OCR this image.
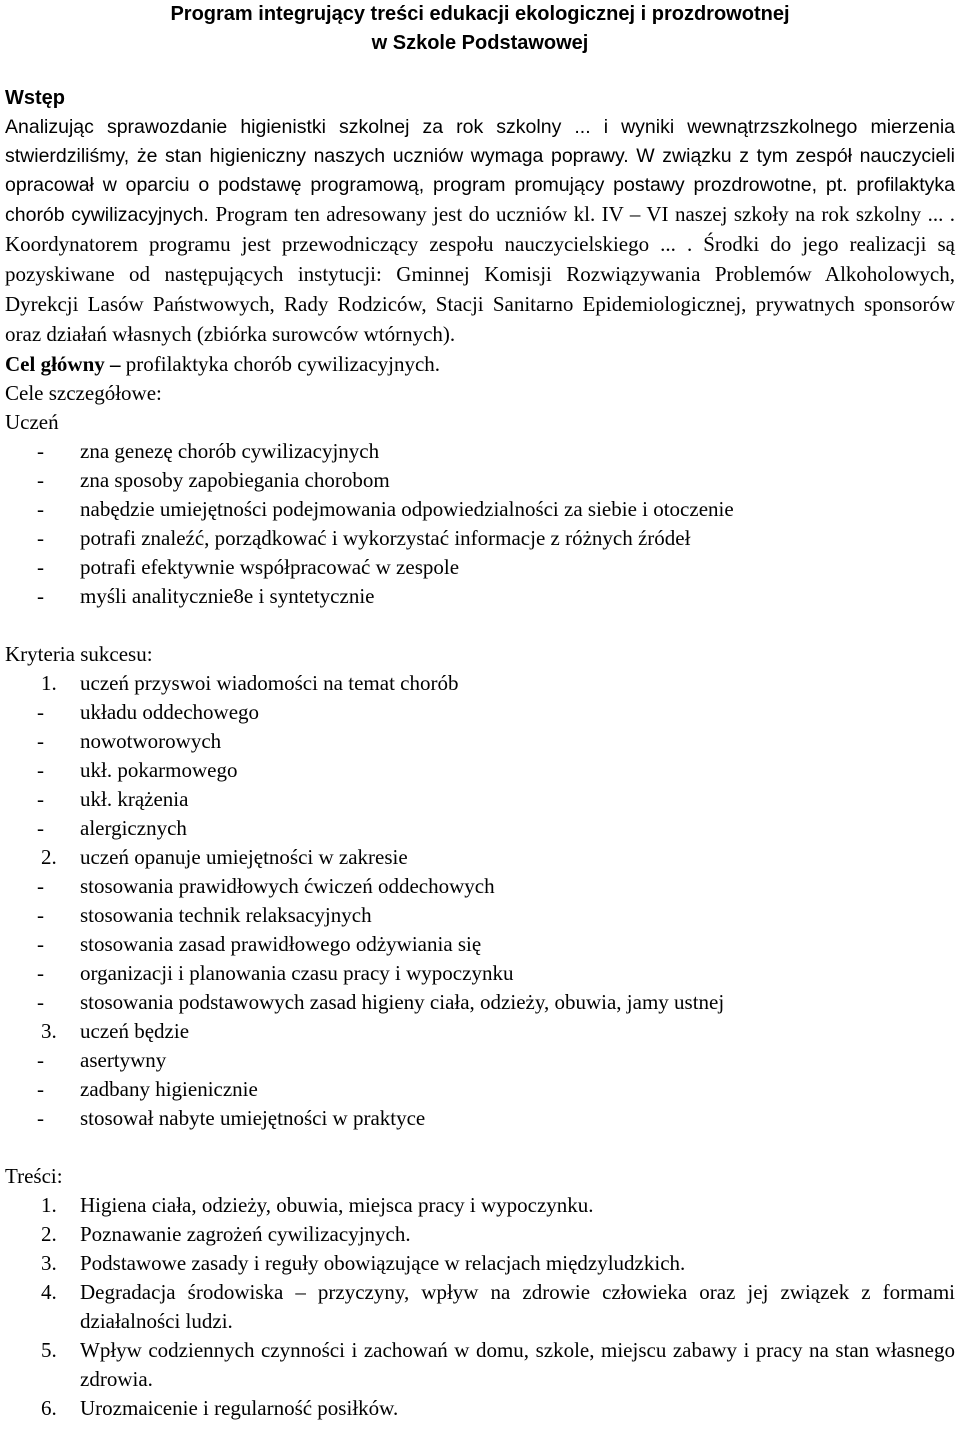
Program integrujący treści edukacji ekologicznej i prozdrowotnej
w Szkole Podstawowej
Wstęp
Analizując sprawozdanie higienistki szkolnej za rok szkolny ... i wyniki wewnątrzszkolnego mierzenia stwierdziliśmy, że stan higieniczny naszych uczniów wymaga poprawy. W związku z tym zespół nauczycieli opracował w oparciu o podstawę programową, program promujący postawy prozdrowotne, pt. profilaktyka chorób cywilizacyjnych. Program ten adresowany jest do uczniów kl. IV – VI naszej szkoły na rok szkolny ... . Koordynatorem programu jest przewodniczący zespołu nauczycielskiego ... . Środki do jego realizacji są pozyskiwane od następujących instytucji: Gminnej Komisji Rozwiązywania Problemów Alkoholowych, Dyrekcji Lasów Państwowych, Rady Rodziców, Stacji Sanitarno Epidemiologicznej, prywatnych sponsorów oraz działań własnych (zbiórka surowców wtórnych).
Cel główny – profilaktyka chorób cywilizacyjnych.
Cele szczegółowe:
Uczeń
-	zna genezę chorób cywilizacyjnych
-	zna sposoby zapobiegania chorobom
-	nabędzie umiejętności podejmowania odpowiedzialności za siebie i otoczenie
-	potrafi znaleźć, porządkować i wykorzystać informacje z różnych źródeł
-	potrafi efektywnie współpracować w zespole
-	myśli analitycznie8e i syntetycznie
Kryteria sukcesu:
1.	uczeń przyswoi wiadomości na temat chorób
-	układu oddechowego
-	nowotworowych
-	ukł. pokarmowego
-	ukł. krążenia
-	alergicznych
2.	uczeń opanuje umiejętności w zakresie
-	stosowania prawidłowych ćwiczeń oddechowych
-	stosowania technik relaksacyjnych
-	stosowania zasad prawidłowego odżywiania się
-	organizacji i planowania czasu pracy i wypoczynku
-	stosowania podstawowych zasad higieny ciała, odzieży, obuwia, jamy ustnej
3.	uczeń będzie
-	asertywny
-	zadbany higienicznie
-	stosował nabyte umiejętności w praktyce
Treści:
1.	Higiena ciała, odzieży, obuwia, miejsca pracy i wypoczynku.
2.	Poznawanie zagrożeń cywilizacyjnych.
3.	Podstawowe zasady i reguły obowiązujące w relacjach międzyludzkich.
4.	Degradacja środowiska – przyczyny, wpływ na zdrowie człowieka oraz jej związek z formami działalności ludzi.
5.	Wpływ codziennych czynności i zachowań w domu, szkole, miejscu zabawy i pracy na stan własnego zdrowia.
6.	Urozmaicenie i regularność posiłków.
